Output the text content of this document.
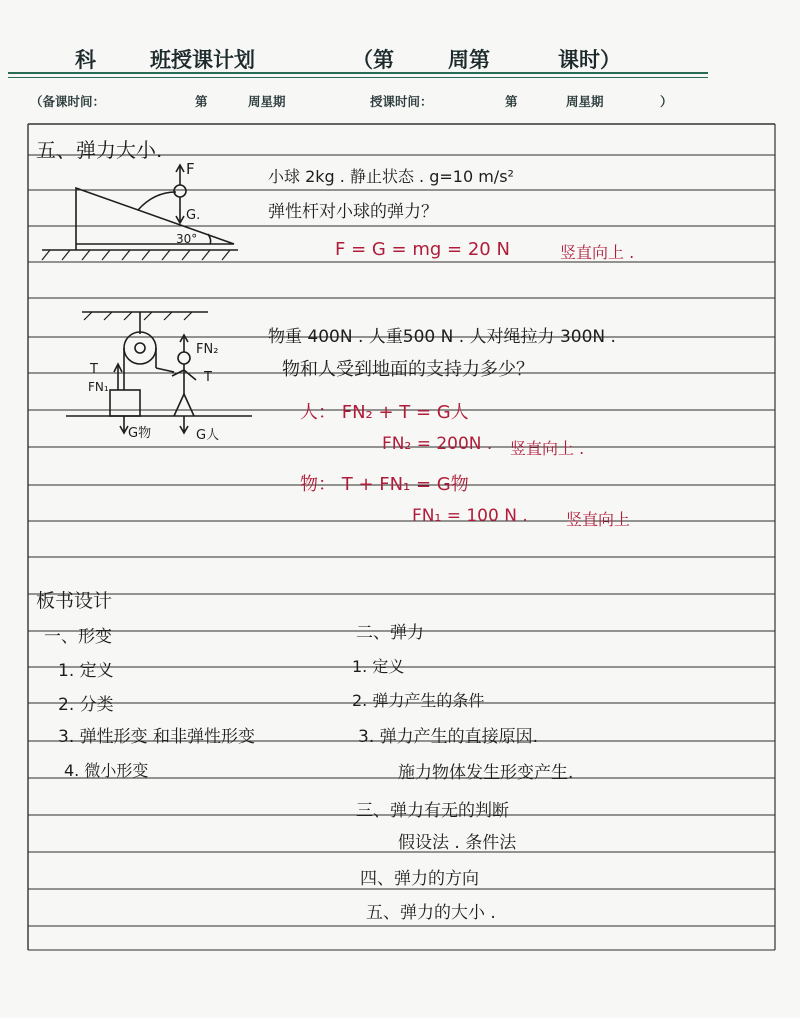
科	班授课计划	（第	周第	课时）
（备课时间：	第	周星期	授课时间：	第	周星期	）
五、弹力大小.
F
G.
30°
小球 2kg . 静止状态 . g=10 m/s²
弹性杆对小球的弹力？
F = G = mg = 20 N	竖直向上 .
T
FN₁
G物
FN₂
T
G人
物重 400N . 人重500 N . 人对绳拉力 300N .
物和人受到地面的支持力多少？
人： FN₂ + T = G人
FN₂ = 200N . 竖直向上 .
物： T + FN₁ = G物
FN₁ = 100 N . 竖直向上
板书设计
一、形变
1. 定义
2. 分类
3. 弹性形变 和非弹性形变
4. 微小形变
二、弹力
1. 定义
2. 弹力产生的条件
3. 弹力产生的直接原因.
施力物体发生形变产生.
三、弹力有无的判断
假设法 . 条件法
四、弹力的方向
五、弹力的大小 .
